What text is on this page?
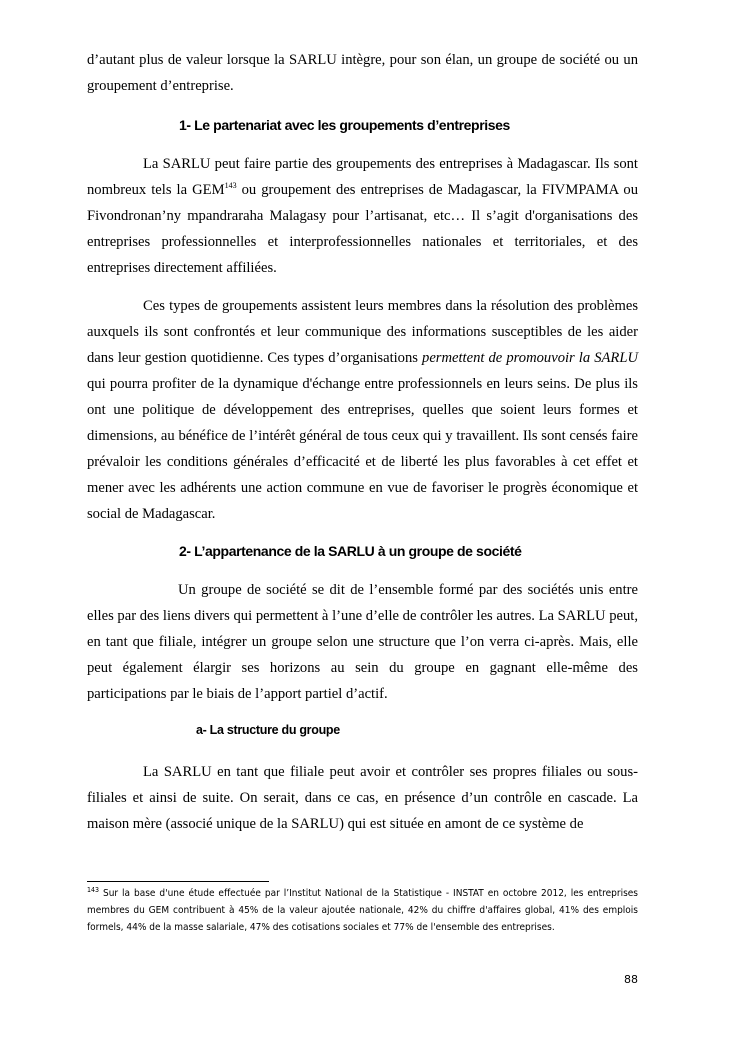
d’autant plus de valeur lorsque la SARLU intègre, pour son élan, un groupe de société ou un groupement d’entreprise.

1- Le partenariat avec les groupements d’entreprises

La SARLU peut faire partie des groupements des entreprises à Madagascar. Ils sont nombreux tels la GEM$^{143}$ ou groupement des entreprises de Madagascar, la FIVMPAMA ou Fivondronan’ny mpandraraha Malagasy pour l’artisanat, etc… Il s’agit d'organisations des entreprises professionnelles et interprofessionnelles nationales et territoriales, et des entreprises directement affiliées.

Ces types de groupements assistent leurs membres dans la résolution des problèmes auxquels ils sont confrontés et leur communique des informations susceptibles de les aider dans leur gestion quotidienne. Ces types d’organisations permettent de promouvoir la SARLU qui pourra profiter de la dynamique d'échange entre professionnels en leurs seins. De plus ils ont une politique de développement des entreprises, quelles que soient leurs formes et dimensions, au bénéfice de l’intérêt général de tous ceux qui y travaillent. Ils sont censés faire prévaloir les conditions générales d’efficacité et de liberté les plus favorables à cet effet et mener avec les adhérents une action commune en vue de favoriser le progrès économique et social de Madagascar.

2- L’appartenance de la SARLU à un groupe de société

Un groupe de société se dit de l’ensemble formé par des sociétés unis entre elles par des liens divers qui permettent à l’une d’elle de contrôler les autres. La SARLU peut, en tant que filiale, intégrer un groupe selon une structure que l’on verra ci-après. Mais, elle peut également élargir ses horizons au sein du groupe en gagnant elle-même des participations par le biais de l’apport partiel d’actif.

a- La structure du groupe

La SARLU en tant que filiale peut avoir et contrôler ses propres filiales ou sous-filiales et ainsi de suite. On serait, dans ce cas, en présence d’un contrôle en cascade. La maison mère (associé unique de la SARLU) qui est située en amont de ce système de

$^{143}$ Sur la base d'une étude effectuée par l’Institut National de la Statistique - INSTAT en octobre 2012, les entreprises membres du GEM contribuent à 45% de la valeur ajoutée nationale, 42% du chiffre d'affaires global, 41% des emplois formels, 44% de la masse salariale, 47% des cotisations sociales et 77% de l'ensemble des entreprises.
88
